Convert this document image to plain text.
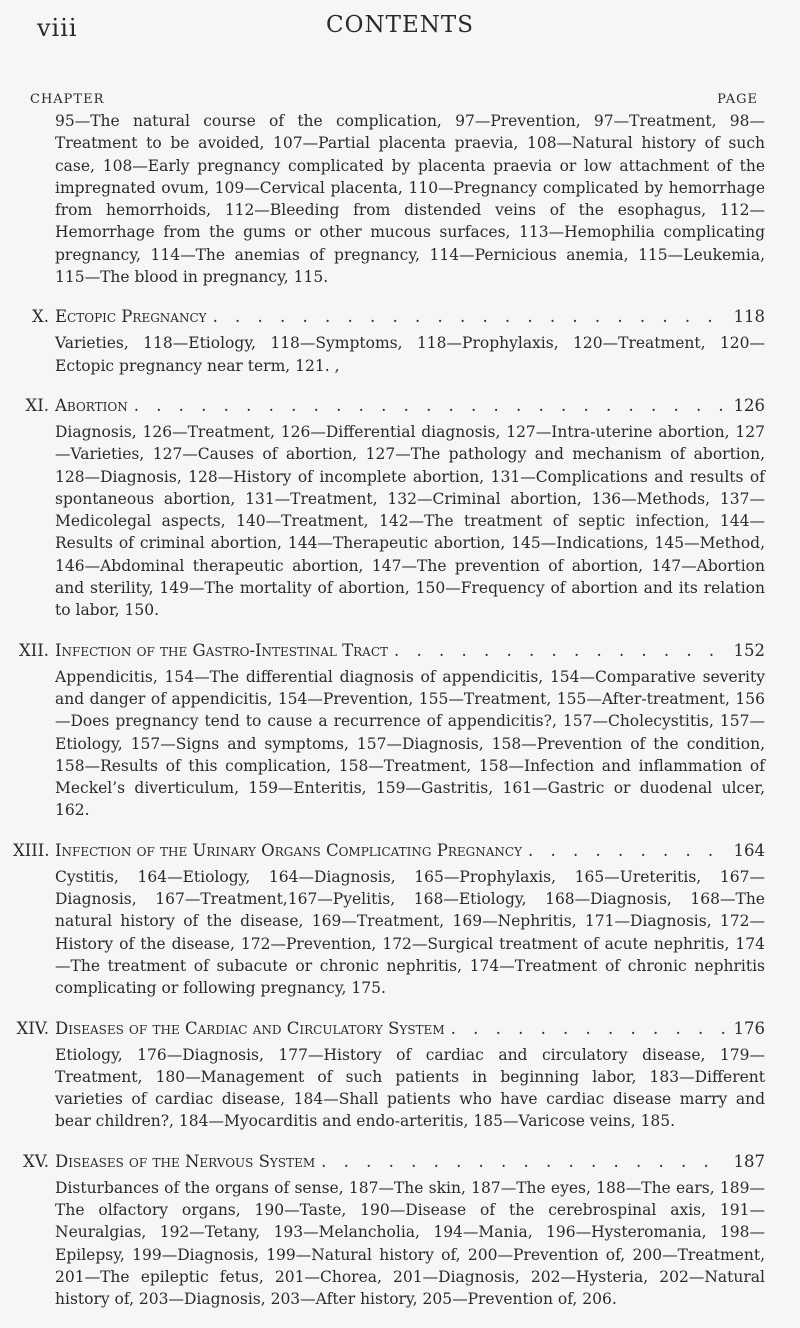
viii	CONTENTS
CHAPTER	PAGE

95—The natural course of the complication, 97—Prevention, 97—Treatment, 98—Treatment to be avoided, 107—Partial placenta praevia, 108—Natural history of such case, 108—Early pregnancy complicated by placenta praevia or low attachment of the impregnated ovum, 109—Cervical placenta, 110—Pregnancy complicated by hemorrhage from hemorrhoids, 112—Bleeding from distended veins of the esophagus, 112—Hemorrhage from the gums or other mucous surfaces, 113—Hemophilia complicating pregnancy, 114—The anemias of pregnancy, 114—Pernicious anemia, 115—Leukemia, 115—The blood in pregnancy, 115.

X. Ectopic Pregnancy . . .	118

Varieties, 118—Etiology, 118—Symptoms, 118—Prophylaxis, 120—Treatment, 120—Ectopic pregnancy near term, 121. ,

XI. Abortion . . .	126

Diagnosis, 126—Treatment, 126—Differential diagnosis, 127—Intra-uterine abortion, 127—Varieties, 127—Causes of abortion, 127—The pathology and mechanism of abortion, 128—Diagnosis, 128—History of incomplete abortion, 131—Complications and results of spontaneous abortion, 131—Treatment, 132—Criminal abortion, 136—Methods, 137—Medicolegal aspects, 140—Treatment, 142—The treatment of septic infection, 144—Results of criminal abortion, 144—Therapeutic abortion, 145—Indications, 145—Method, 146—Abdominal therapeutic abortion, 147—The prevention of abortion, 147—Abortion and sterility, 149—The mortality of abortion, 150—Frequency of abortion and its relation to labor, 150.

XII. Infection of the Gastro-Intestinal Tract . . .	152

Appendicitis, 154—The differential diagnosis of appendicitis, 154—Comparative severity and danger of appendicitis, 154—Prevention, 155—Treatment, 155—After-treatment, 156—Does pregnancy tend to cause a recurrence of appendicitis?, 157—Cholecystitis, 157—Etiology, 157—Signs and symptoms, 157—Diagnosis, 158—Prevention of the condition, 158—Results of this complication, 158—Treatment, 158—Infection and inflammation of Meckel’s diverticulum, 159—Enteritis, 159—Gastritis, 161—Gastric or duodenal ulcer, 162.

XIII. Infection of the Urinary Organs Complicating Pregnancy . . .	164

Cystitis, 164—Etiology, 164—Diagnosis, 165—Prophylaxis, 165—Ureteritis, 167—Diagnosis, 167—Treatment,167—Pyelitis, 168—Etiology, 168—Diagnosis, 168—The natural history of the disease, 169—Treatment, 169—Nephritis, 171—Diagnosis, 172—History of the disease, 172—Prevention, 172—Surgical treatment of acute nephritis, 174—The treatment of subacute or chronic nephritis, 174—Treatment of chronic nephritis complicating or following pregnancy, 175.

XIV. Diseases of the Cardiac and Circulatory System . . .	176

Etiology, 176—Diagnosis, 177—History of cardiac and circulatory disease, 179—Treatment, 180—Management of such patients in beginning labor, 183—Different varieties of cardiac disease, 184—Shall patients who have cardiac disease marry and bear children?, 184—Myocarditis and endo-arteritis, 185—Varicose veins, 185.

XV. Diseases of the Nervous System . . .	187

Disturbances of the organs of sense, 187—The skin, 187—The eyes, 188—The ears, 189—The olfactory organs, 190—Taste, 190—Disease of the cerebrospinal axis, 191—Neuralgias, 192—Tetany, 193—Melancholia, 194—Mania, 196—Hysteromania, 198—Epilepsy, 199—Diagnosis, 199—Natural history of, 200—Prevention of, 200—Treatment, 201—The epileptic fetus, 201—Chorea, 201—Diagnosis, 202—Hysteria, 202—Natural history of, 203—Diagnosis, 203—After history, 205—Prevention of, 206.
